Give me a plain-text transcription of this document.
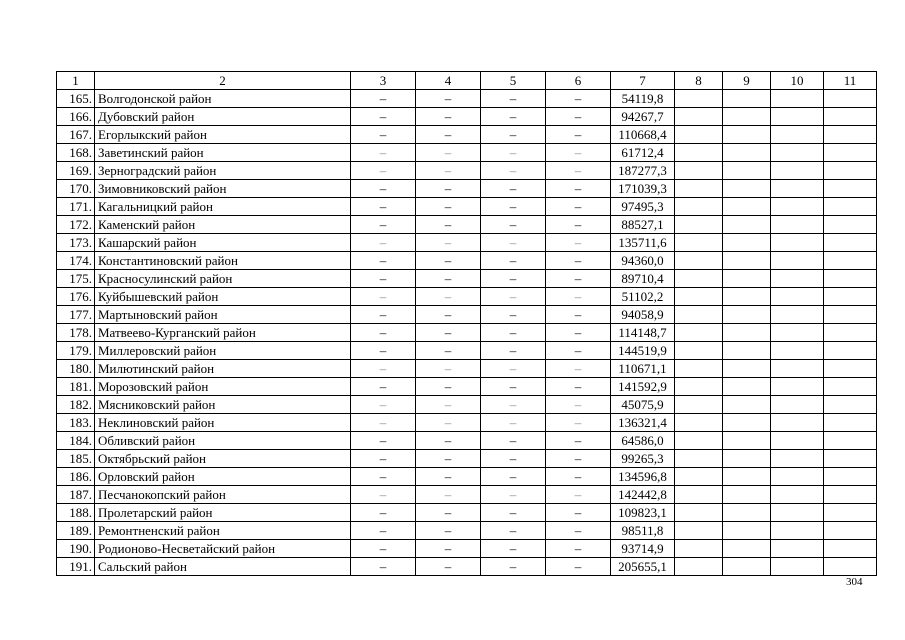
1	2	3	4	5	6	7	8	9	10	11
165.	Волгодонской район	–	–	–	–	54119,8				
166.	Дубовский район	–	–	–	–	94267,7				
167.	Егорлыкский район	–	–	–	–	110668,4				
168.	Заветинский район	–	–	–	–	61712,4				
169.	Зерноградский район	–	–	–	–	187277,3				
170.	Зимовниковский район	–	–	–	–	171039,3				
171.	Кагальницкий район	–	–	–	–	97495,3				
172.	Каменский район	–	–	–	–	88527,1				
173.	Кашарский район	–	–	–	–	135711,6				
174.	Константиновский район	–	–	–	–	94360,0				
175.	Красносулинский район	–	–	–	–	89710,4				
176.	Куйбышевский район	–	–	–	–	51102,2				
177.	Мартыновский район	–	–	–	–	94058,9				
178.	Матвеево-Курганский район	–	–	–	–	114148,7				
179.	Миллеровский район	–	–	–	–	144519,9				
180.	Милютинский район	–	–	–	–	110671,1				
181.	Морозовский район	–	–	–	–	141592,9				
182.	Мясниковский район	–	–	–	–	45075,9				
183.	Неклиновский район	–	–	–	–	136321,4				
184.	Обливский район	–	–	–	–	64586,0				
185.	Октябрьский район	–	–	–	–	99265,3				
186.	Орловский район	–	–	–	–	134596,8				
187.	Песчанокопский район	–	–	–	–	142442,8				
188.	Пролетарский район	–	–	–	–	109823,1				
189.	Ремонтненский район	–	–	–	–	98511,8				
190.	Родионово-Несветайский район	–	–	–	–	93714,9				
191.	Сальский район	–	–	–	–	205655,1				
304
